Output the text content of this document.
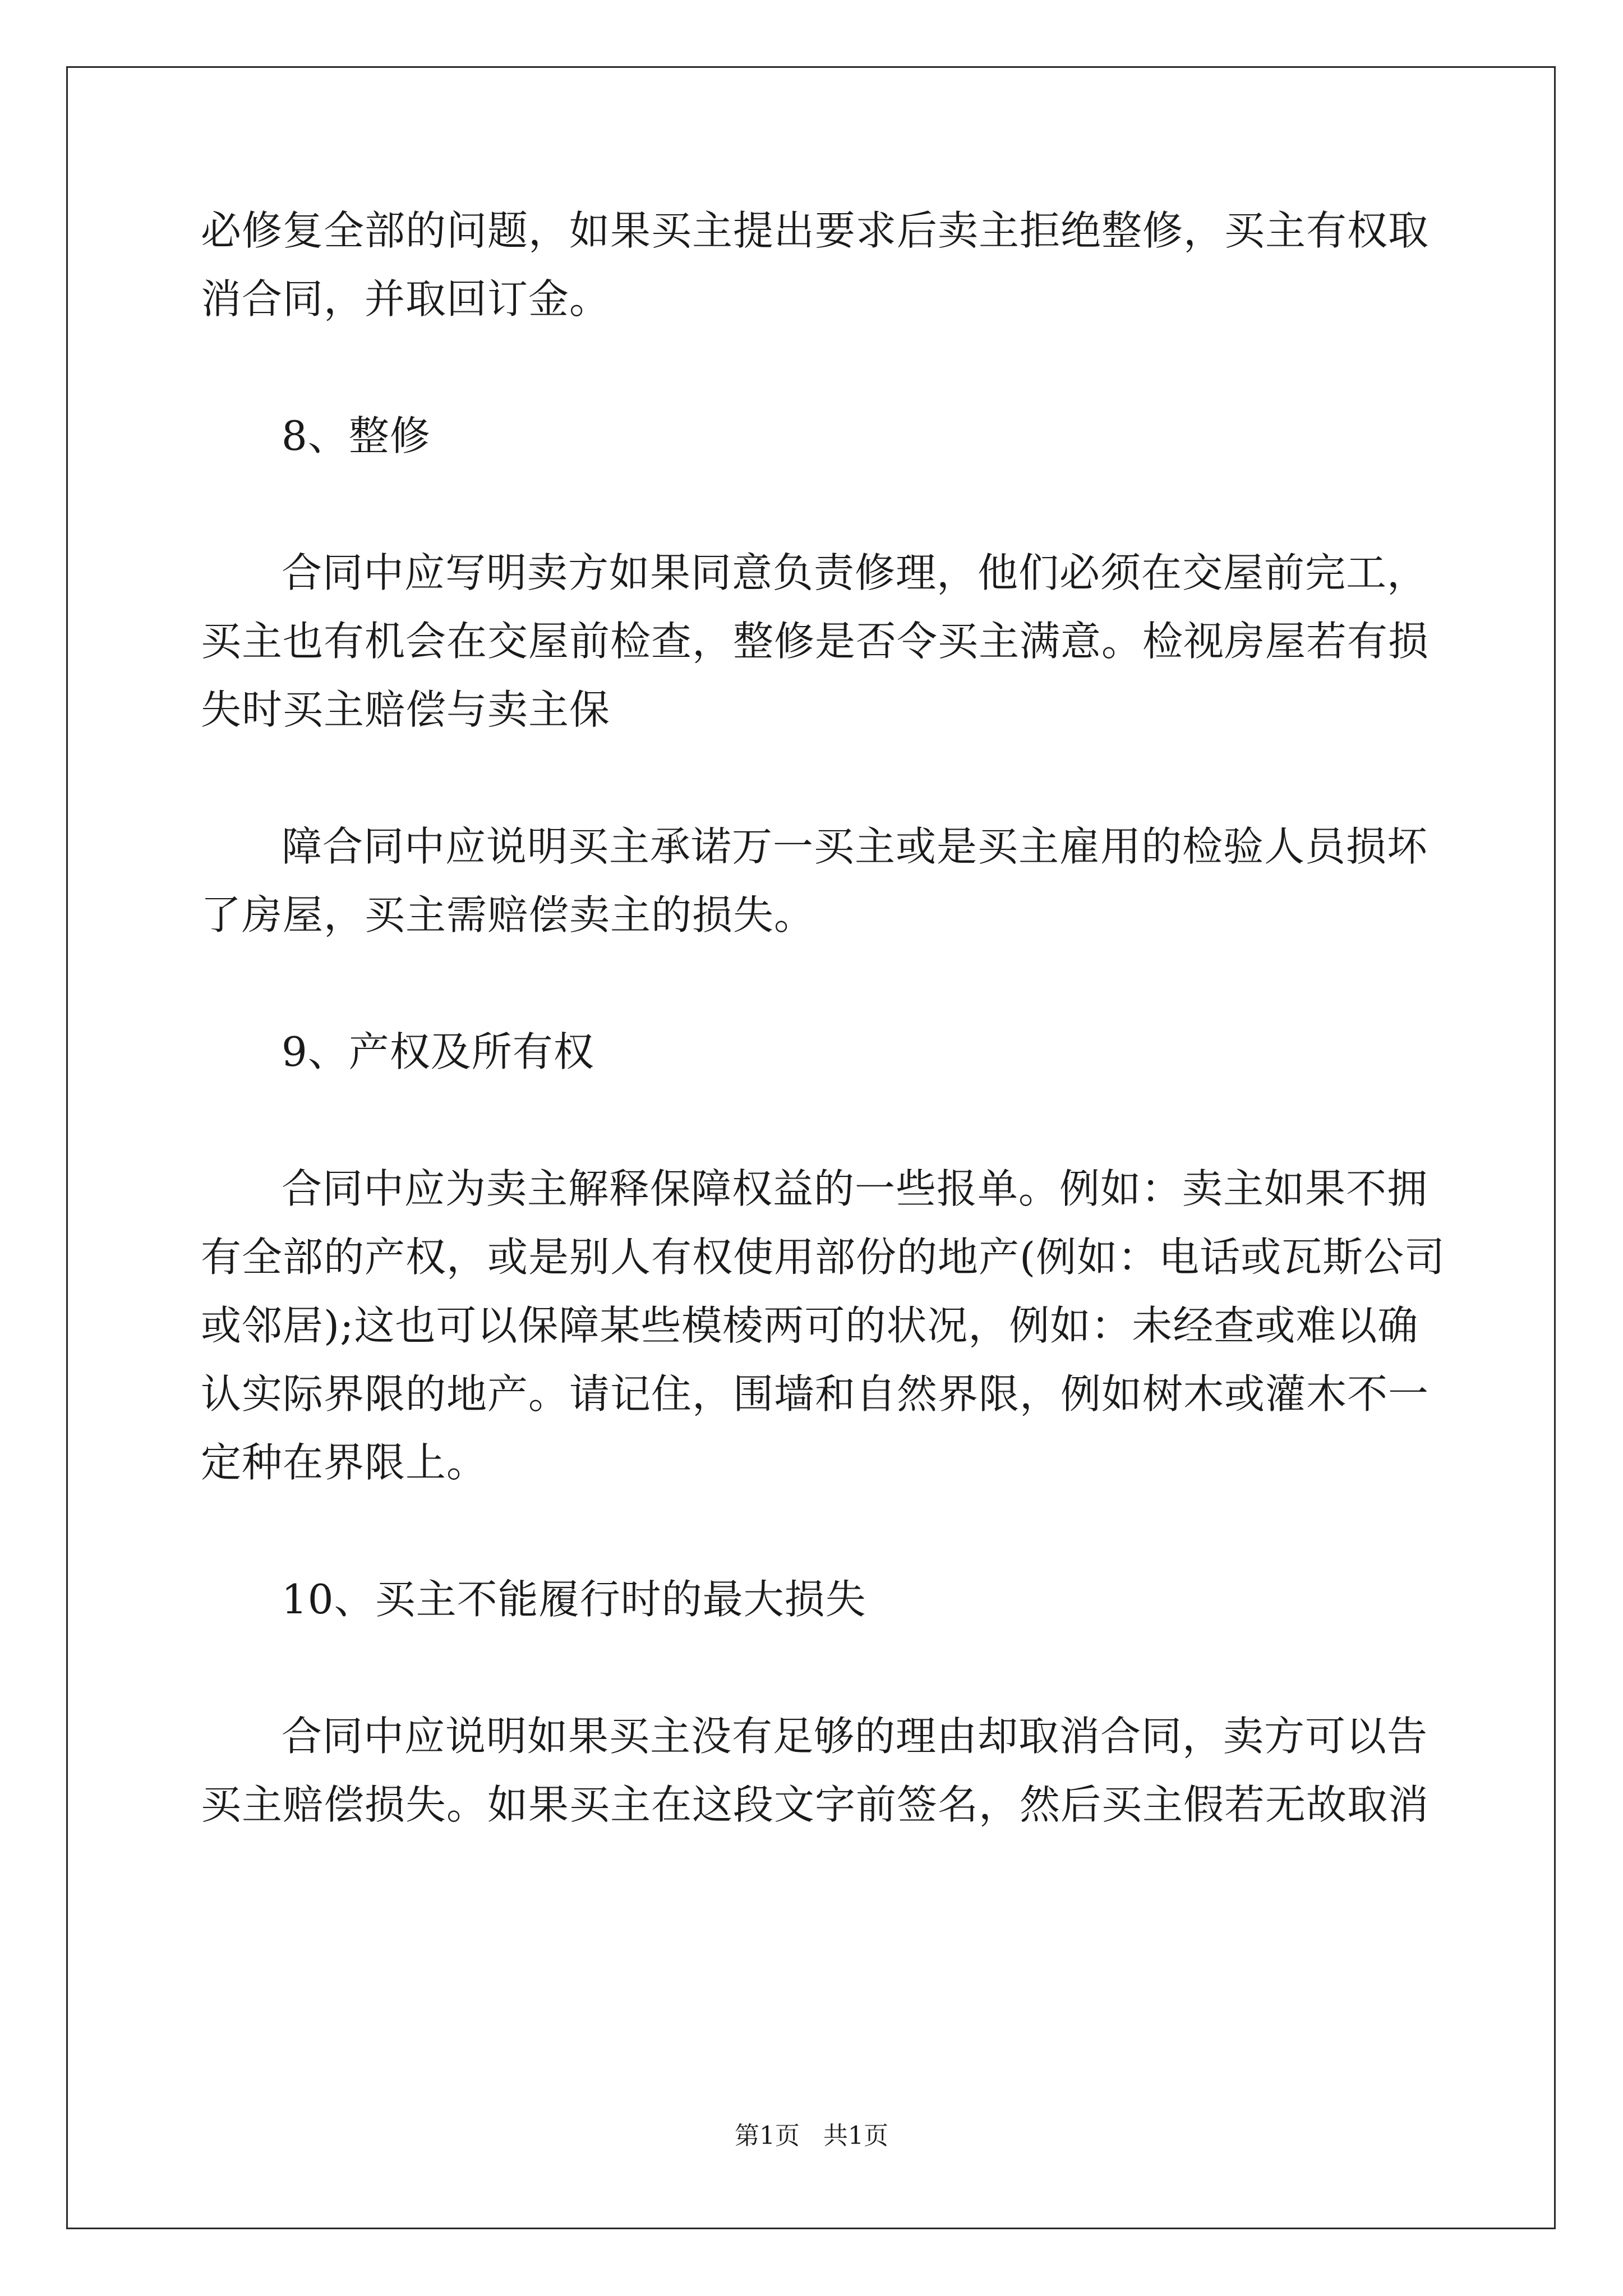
必修复全部的问题，如果买主提出要求后卖主拒绝整修，买主有权取
消合同，并取回订金。
8、整修
合同中应写明卖方如果同意负责修理，他们必须在交屋前完工，
买主也有机会在交屋前检查，整修是否令买主满意。检视房屋若有损
失时买主赔偿与卖主保
障合同中应说明买主承诺万一买主或是买主雇用的检验人员损坏
了房屋，买主需赔偿卖主的损失。
9、产权及所有权
合同中应为卖主解释保障权益的一些报单。例如：卖主如果不拥
有全部的产权，或是别人有权使用部份的地产(例如：电话或瓦斯公司
或邻居);这也可以保障某些模棱两可的状况，例如：未经查或难以确
认实际界限的地产。请记住，围墙和自然界限，例如树木或灌木不一
定种在界限上。
10、买主不能履行时的最大损失
合同中应说明如果买主没有足够的理由却取消合同，卖方可以告
买主赔偿损失。如果买主在这段文字前签名，然后买主假若无故取消
第1页   共1页
